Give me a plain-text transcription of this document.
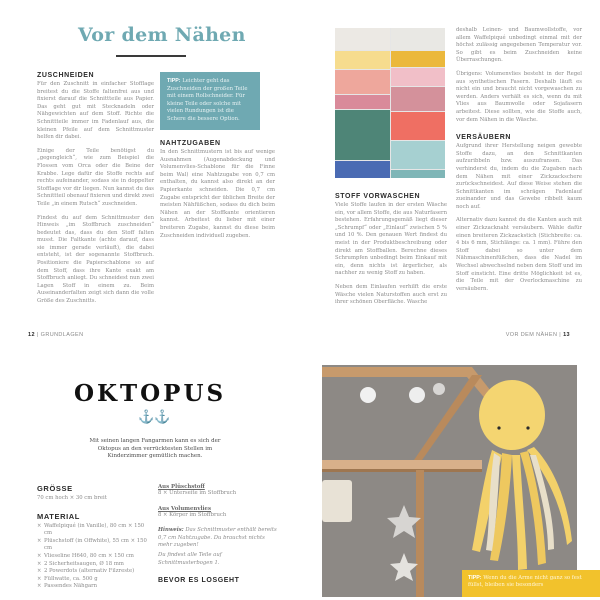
Vor dem Nähen
ZUSCHNEIDEN

Für den Zuschnitt in einfacher Stofflage breitest du die Stoffe faltenfrei aus und fixierst darauf die Schnittteile aus Papier. Das geht gut mit Stecknadeln oder Nähgewichten auf dem Stoff. Richte die Schnittteile immer im Fadenlauf aus, die kleinen Pfeile auf dem Schnittmuster helfen dir dabei.

Einige der Teile benötigst du „gegengleich“, wie zum Beispiel die Flossen vom Orca oder die Beine der Krabbe. Lege dafür die Stoffe rechts auf rechts aufeinander, sodass sie in doppelter Stofflage vor dir liegen. Nun kannst du das Schnittteil obenauf fixieren und direkt zwei Teile „in einem Rutsch“ zuschneiden.

Findest du auf dem Schnittmuster den Hinweis „im Stoffbruch zuschneiden“ bedeutet das, dass du den Stoff falten musst. Die Faltkante (achte darauf, dass sie immer gerade verläuft), die dabei entsteht, ist der sogenannte Stoffbruch. Positioniere die Papierschablone so auf dem Stoff, dass ihre Kante exakt am Stoffbruch anliegt. Du schneidest nun zwei Lagen Stoff in einem zu. Beim Auseinanderfalten zeigt sich dann die volle Größe des Zuschnitts.

TIPP: Leichter geht das Zuschneiden der großen Teile mit einem Rollschneider. Für kleine Teile oder solche mit vielen Rundungen ist die Schere die bessere Option.
NAHTZUGABEN

In den Schnittmustern ist bis auf wenige Ausnahmen (Augenabdeckung und Volumenvlies-Schablone für die Finne beim Wal) eine Nahtzugabe von 0,7 cm enthalten, du kannst also direkt an der Papierkante schneiden. Die 0,7 cm Zugabe entspricht der üblichen Breite der meisten Nähfüßchen, sodass du dich beim Nähen an der Stoffkante orientieren kannst. Arbeitest du lieber mit einer breiteren Zugabe, kannst du diese beim Zuschneiden individuell zugeben.

STOFF VORWASCHEN

Viele Stoffe laufen in der ersten Wäsche ein, vor allem Stoffe, die aus Naturfasern bestehen. Erfahrungsgemäß liegt dieser „Schrumpf“ oder „Einlauf“ zwischen 5 % und 10 %. Den genauen Wert findest du meist in der Produktbeschreibung oder direkt am Stoffballen. Berechne dieses Schrumpfen unbedingt beim Einkauf mit ein, denn nichts ist ärgerlicher, als nachher zu wenig Stoff zu haben.

Neben dem Einlaufen verhilft die erste Wäsche vielen Naturstoffen auch erst zu ihrer schönen Oberfläche. Wasche

deshalb Leinen- und Baumwollstoffe, vor allem Waffelpiqué unbedingt einmal mit der höchst zulässig angegebenen Temperatur vor. So gibt es beim Zuschneiden keine Überraschungen.

Übrigens: Volumenvlies besteht in der Regel aus synthetischen Fasern. Deshalb läuft es nicht ein und braucht nicht vorgewaschen zu werden. Anders verhält es sich, wenn du mit Vlies aus Baumwolle oder Sojafasern arbeitest. Diese sollten, wie die Stoffe auch, vor dem Nähen in die Wäsche.

VERSÄUBERN

Aufgrund ihrer Herstellung neigen gewebte Stoffe dazu, an den Schnittkanten aufzuribbeln bzw. auszufransen. Das verhinderst du, indem du die Zugaben nach dem Nähen mit einer Zickzackschere zurückschneidest. Auf diese Weise stehen die Schnittkanten im schrägen Fadenlauf zueinander und das Gewebe ribbelt kaum noch auf.

Alternativ dazu kannst du die Kanten auch mit einer Zickzacknaht versäubern. Wähle dafür einen breiteren Zickzackstich (Stichbreite: ca. 4 bis 6 mm, Stichlänge: ca. 1 mm). Führe den Stoff dabei so unter dem Nähmaschinenfüßchen, dass die Nadel im Wechsel abwechselnd neben dem Stoff und im Stoff einsticht. Eine dritte Möglichkeit ist es, die Teile mit der Overlockmaschine zu versäubern.

12 | GRUNDLAGEN	VOR DEM NÄHEN | 13
OKTOPUS
⚓⚓
Mit seinen langen Fangarmen kann es sich der Oktopus an den verrücktesten Stellen im Kinderzimmer gemütlich machen.
GRÖSSE
70 cm hoch × 30 cm breit
MATERIAL
× Waffelpiqué (in Vanille), 80 cm × 150 cm
× Plüschstoff (in Offwhite), 55 cm × 150 cm
× Vlieseline H640, 80 cm × 150 cm
× 2 Sicherheitsaugen, Ø 18 mm
× 2 Powerdots (alternativ Filzreste)
× Füllwatte, ca. 500 g
× Passendes Nähgarn
Aus Plüschstoff
8 × Unterseite im Stoffbruch
Aus Volumenvlies
8 × Körper im Stoffbruch
Hinweis: Das Schnittmuster enthält bereits 0,7 cm Nahtzugabe. Du brauchst nichts mehr zugeben!
Du findest alle Teile auf Schnittmusterbogen 1.
BEVOR ES LOSGEHT	TIPP: Wenn du die Arme nicht ganz so fest füllst, bleiben sie besonders
